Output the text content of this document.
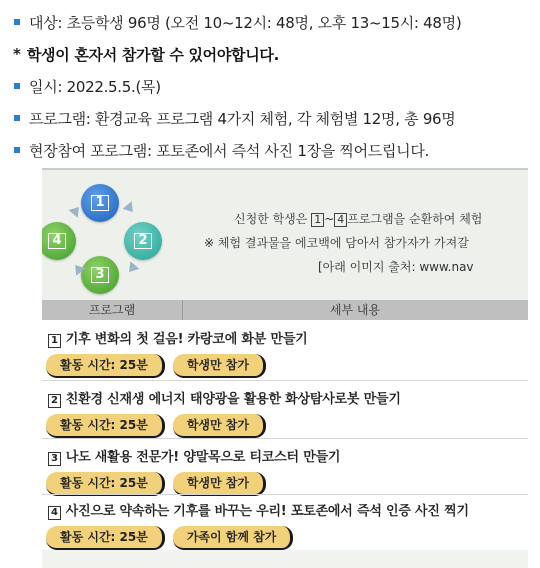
대상: 초등학생 96명 (오전 10~12시: 48명, 오후 13~15시: 48명)
* 학생이 혼자서 참가할 수 있어야합니다.
일시: 2022.5.5.(목)
프로그램: 환경교육 프로그램 4가지 체험, 각 체험별 12명, 총 96명
현장참여 포로그램: 포토존에서 즉석 사진 1장을 찍어드립니다.
1
2
3
4
신청한 학생은 1 ~ 4 프로그램을 순환하여 체험
※ 체험 결과물을 에코백에 담아서 참가자가 가져갈
[아래 이미지 출처: www.nav
프로그램	세부 내용
1 기후 변화의 첫 걸음! 카랑코에 화분 만들기
활동 시간: 25분	학생만 참가
2 친환경 신재생 에너지 태양광을 활용한 화상탐사로봇 만들기
활동 시간: 25분	학생만 참가
3 나도 새활용 전문가! 양말목으로 티코스터 만들기
활동 시간: 25분	학생만 참가
4 사진으로 약속하는 기후를 바꾸는 우리! 포토존에서 즉석 인증 사진 찍기
활동 시간: 25분	가족이 함께 참가
